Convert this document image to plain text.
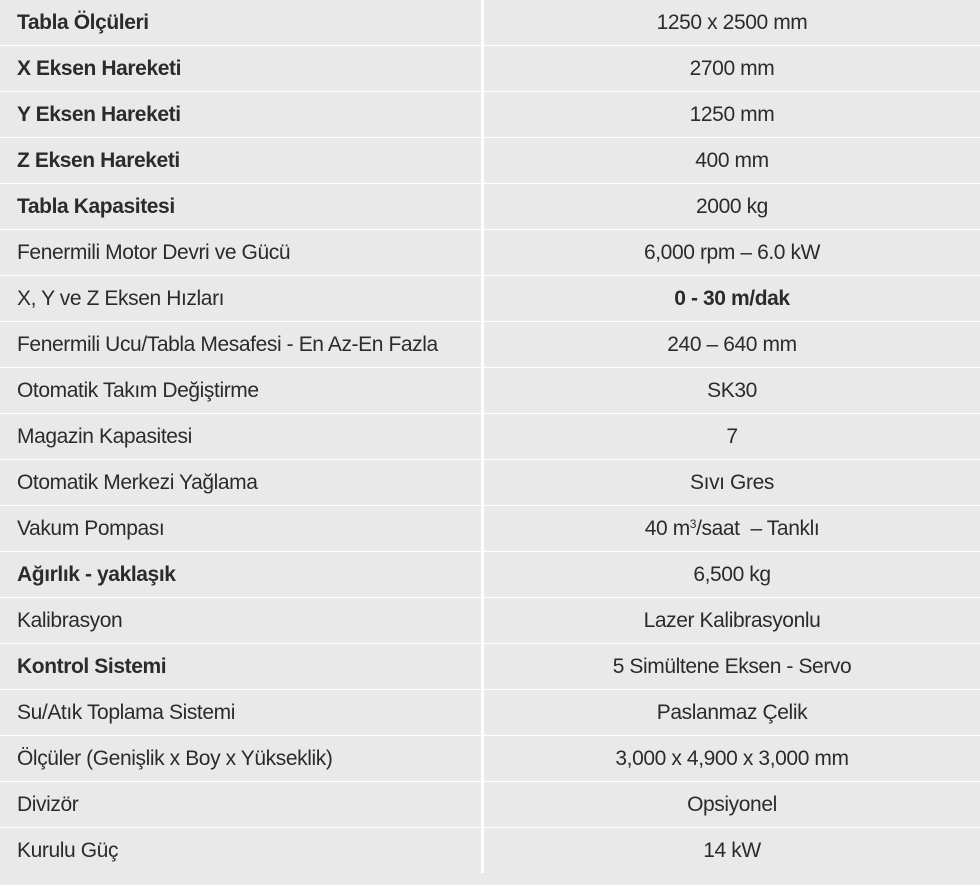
Tabla Ölçüleri	1250 x 2500 mm
X Eksen Hareketi	2700 mm
Y Eksen Hareketi	1250 mm
Z Eksen Hareketi	400 mm
Tabla Kapasitesi	2000 kg
Fenermili Motor Devri ve Gücü	6,000 rpm – 6.0 kW
X, Y ve Z Eksen Hızları	0 - 30 m/dak
Fenermili Ucu/Tabla Mesafesi - En Az-En Fazla	240 – 640 mm
Otomatik Takım Değiştirme	SK30
Magazin Kapasitesi	7
Otomatik Merkezi Yağlama	Sıvı Gres
Vakum Pompası	40 $m^3$/saat  – Tanklı
Ağırlık - yaklaşık	6,500 kg
Kalibrasyon	Lazer Kalibrasyonlu
Kontrol Sistemi	5 Simültene Eksen - Servo
Su/Atık Toplama Sistemi	Paslanmaz Çelik
Ölçüler (Genişlik x Boy x Yükseklik)	3,000 x 4,900 x 3,000 mm
Divizör	Opsiyonel
Kurulu Güç	14 kW
